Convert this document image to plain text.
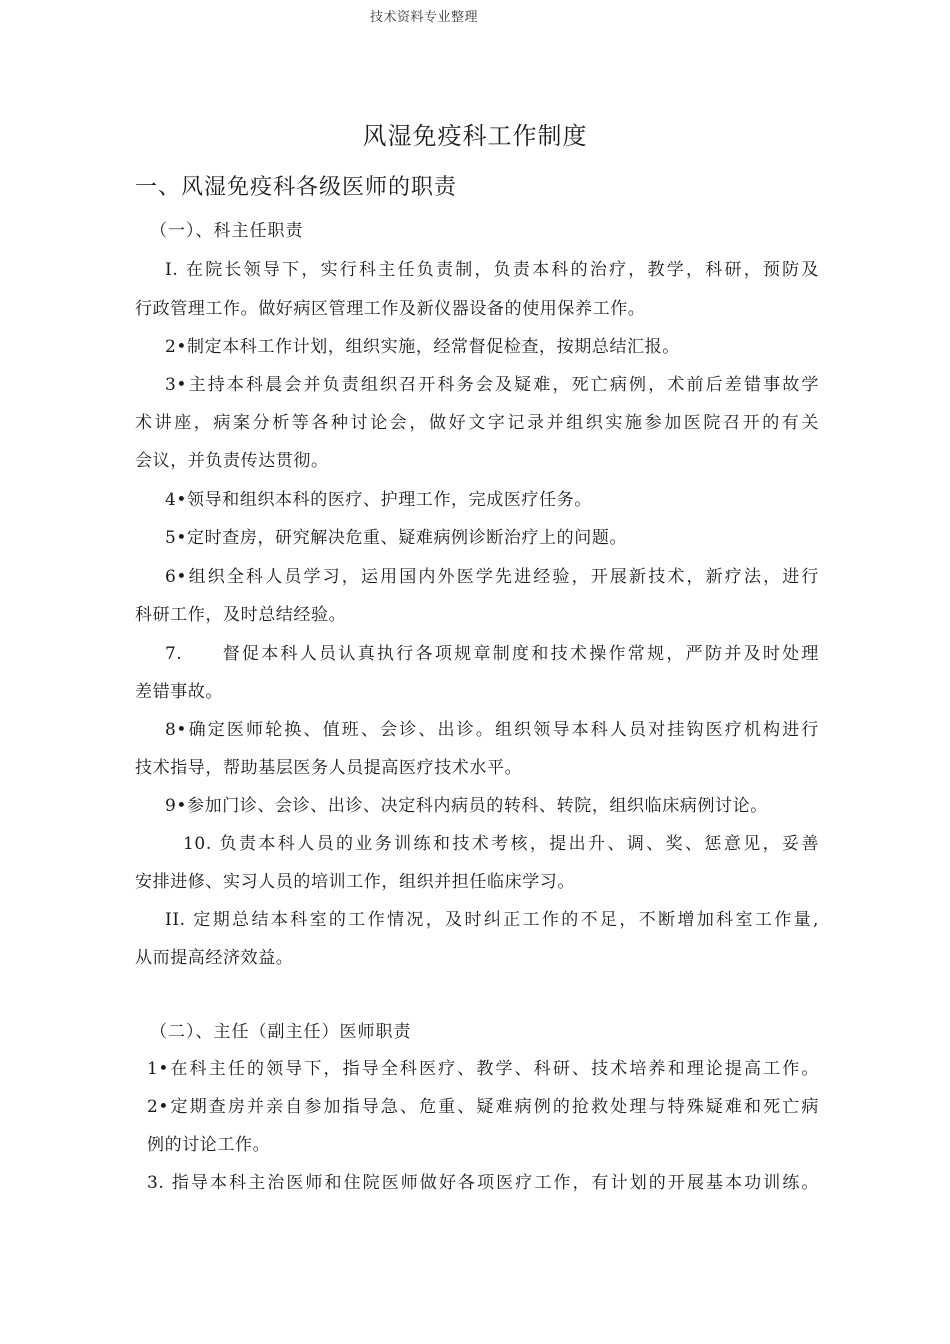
技术资料专业整理
风湿免疫科工作制度
一、风湿免疫科各级医师的职责
（一）、科主任职责
I. 在院长领导下，实行科主任负责制，负责本科的治疗，教学，科研，预防及
行政管理工作。做好病区管理工作及新仪器设备的使用保养工作。
2•制定本科工作计划，组织实施，经常督促检查，按期总结汇报。
3•主持本科晨会并负责组织召开科务会及疑难，死亡病例，术前后差错事故学
术讲座，病案分析等各种讨论会，做好文字记录并组织实施参加医院召开的有关
会议，并负责传达贯彻。
4•领导和组织本科的医疗、护理工作，完成医疗任务。
5•定时查房，研究解决危重、疑难病例诊断治疗上的问题。
6•组织全科人员学习，运用国内外医学先进经验，开展新技术，新疗法，进行
科研工作，及时总结经验。
7.　　督促本科人员认真执行各项规章制度和技术操作常规，严防并及时处理
差错事故。
8•确定医师轮换、值班、会诊、出诊。组织领导本科人员对挂钩医疗机构进行
技术指导，帮助基层医务人员提高医疗技术水平。
9•参加门诊、会诊、出诊、决定科内病员的转科、转院，组织临床病例讨论。
10. 负责本科人员的业务训练和技术考核，提出升、调、奖、惩意见，妥善
安排进修、实习人员的培训工作，组织并担任临床学习。
II. 定期总结本科室的工作情况，及时纠正工作的不足，不断增加科室工作量,
从而提高经济效益。
（二）、主任（副主任）医师职责
1•在科主任的领导下，指导全科医疗、教学、科研、技术培养和理论提高工作。
2•定期查房并亲自参加指导急、危重、疑难病例的抢救处理与特殊疑难和死亡病
例的讨论工作。
3. 指导本科主治医师和住院医师做好各项医疗工作，有计划的开展基本功训练。
